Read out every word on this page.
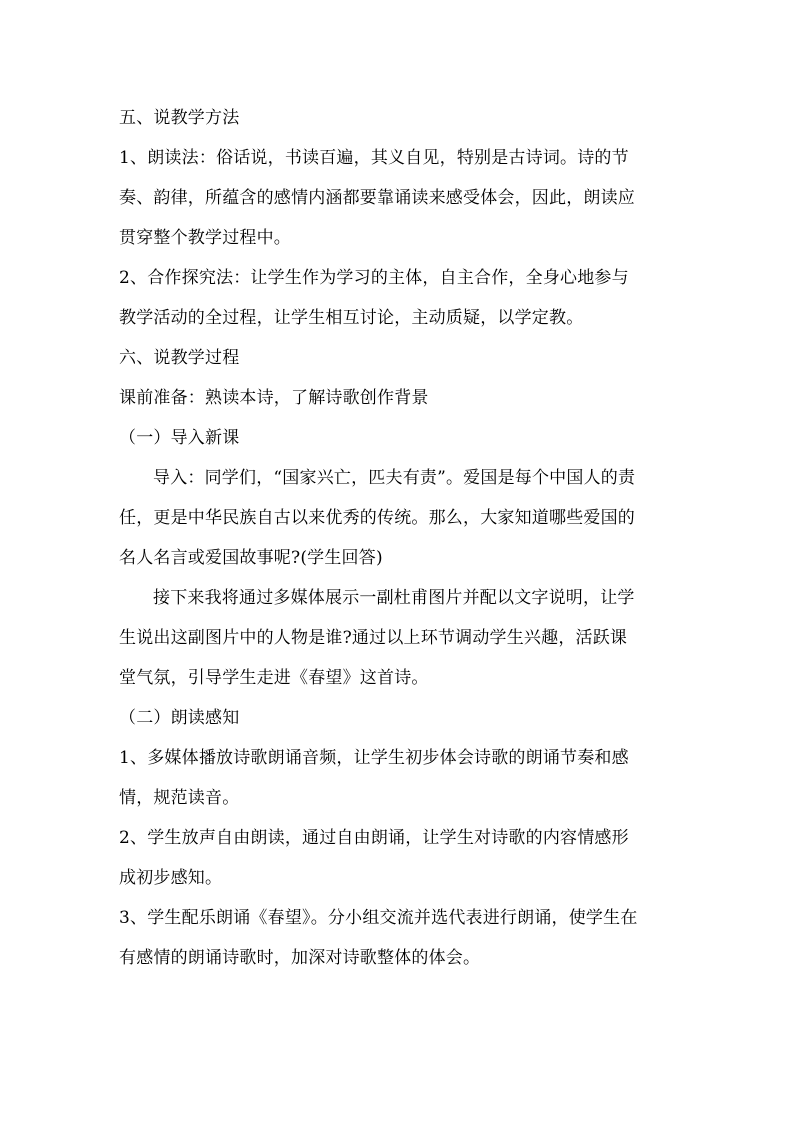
五、说教学方法
1、朗读法：俗话说，书读百遍，其义自见，特别是古诗词。诗的节
奏、韵律，所蕴含的感情内涵都要靠诵读来感受体会，因此，朗读应
贯穿整个教学过程中。
2、合作探究法：让学生作为学习的主体，自主合作，全身心地参与
教学活动的全过程，让学生相互讨论，主动质疑，以学定教。
六、说教学过程
课前准备：熟读本诗，了解诗歌创作背景
（一）导入新课
导入：同学们，“国家兴亡，匹夫有责”。爱国是每个中国人的责
任，更是中华民族自古以来优秀的传统。那么，大家知道哪些爱国的
名人名言或爱国故事呢?(学生回答)
接下来我将通过多媒体展示一副杜甫图片并配以文字说明，让学
生说出这副图片中的人物是谁?通过以上环节调动学生兴趣，活跃课
堂气氛，引导学生走进《春望》这首诗。
（二）朗读感知
1、多媒体播放诗歌朗诵音频，让学生初步体会诗歌的朗诵节奏和感
情，规范读音。
2、学生放声自由朗读，通过自由朗诵，让学生对诗歌的内容情感形
成初步感知。
3、学生配乐朗诵《春望》。分小组交流并选代表进行朗诵，使学生在
有感情的朗诵诗歌时，加深对诗歌整体的体会。
